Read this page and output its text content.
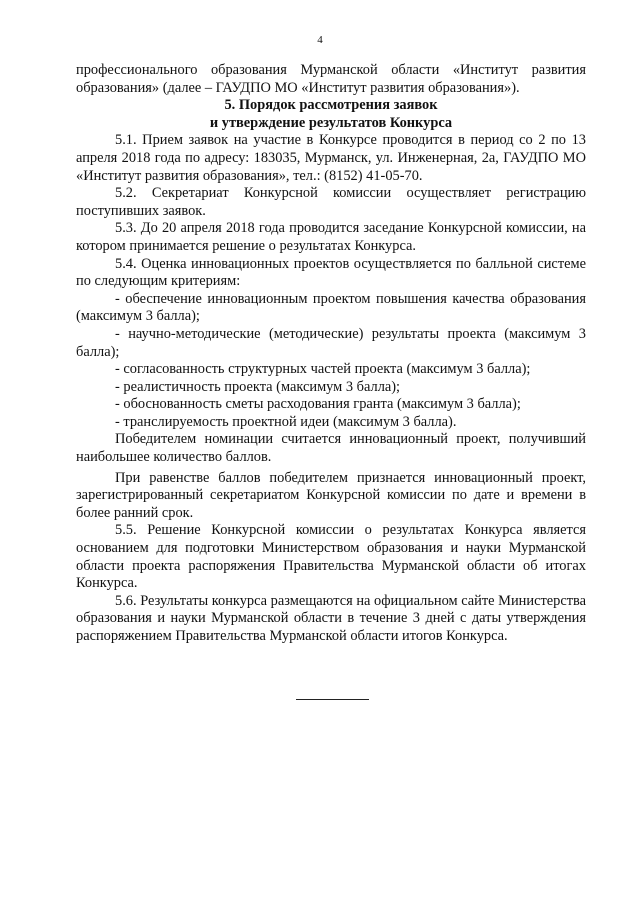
4

профессионального образования Мурманской области «Институт развития образования» (далее – ГАУДПО МО «Институт развития образования»).

5. Порядок рассмотрения заявок
и утверждение результатов Конкурса

5.1. Прием заявок на участие в Конкурсе проводится в период со 2 по 13 апреля 2018 года по адресу: 183035, Мурманск, ул. Инженерная, 2а, ГАУДПО МО «Институт развития образования», тел.: (8152) 41-05-70.

5.2. Секретариат Конкурсной комиссии осуществляет регистрацию поступивших заявок.

5.3. До 20 апреля 2018 года проводится заседание Конкурсной комиссии, на котором принимается решение о результатах Конкурса.

5.4. Оценка инновационных проектов осуществляется по балльной системе по следующим критериям:

- обеспечение инновационным проектом повышения качества образования (максимум 3 балла);

- научно-методические (методические) результаты проекта (максимум 3 балла);

- согласованность структурных частей проекта (максимум 3 балла);

- реалистичность проекта (максимум 3 балла);

- обоснованность сметы расходования гранта (максимум 3 балла);

- транслируемость проектной идеи (максимум 3 балла).

Победителем номинации считается инновационный проект, получивший наибольшее количество баллов.

При равенстве баллов победителем признается инновационный проект, зарегистрированный секретариатом Конкурсной комиссии по дате и времени в более ранний срок.

5.5. Решение Конкурсной комиссии о результатах Конкурса является основанием для подготовки Министерством образования и науки Мурманской области проекта распоряжения Правительства Мурманской области об итогах Конкурса.

5.6. Результаты конкурса размещаются на официальном сайте Министерства образования и науки Мурманской области в течение 3 дней с даты утверждения распоряжением Правительства Мурманской области итогов Конкурса.
